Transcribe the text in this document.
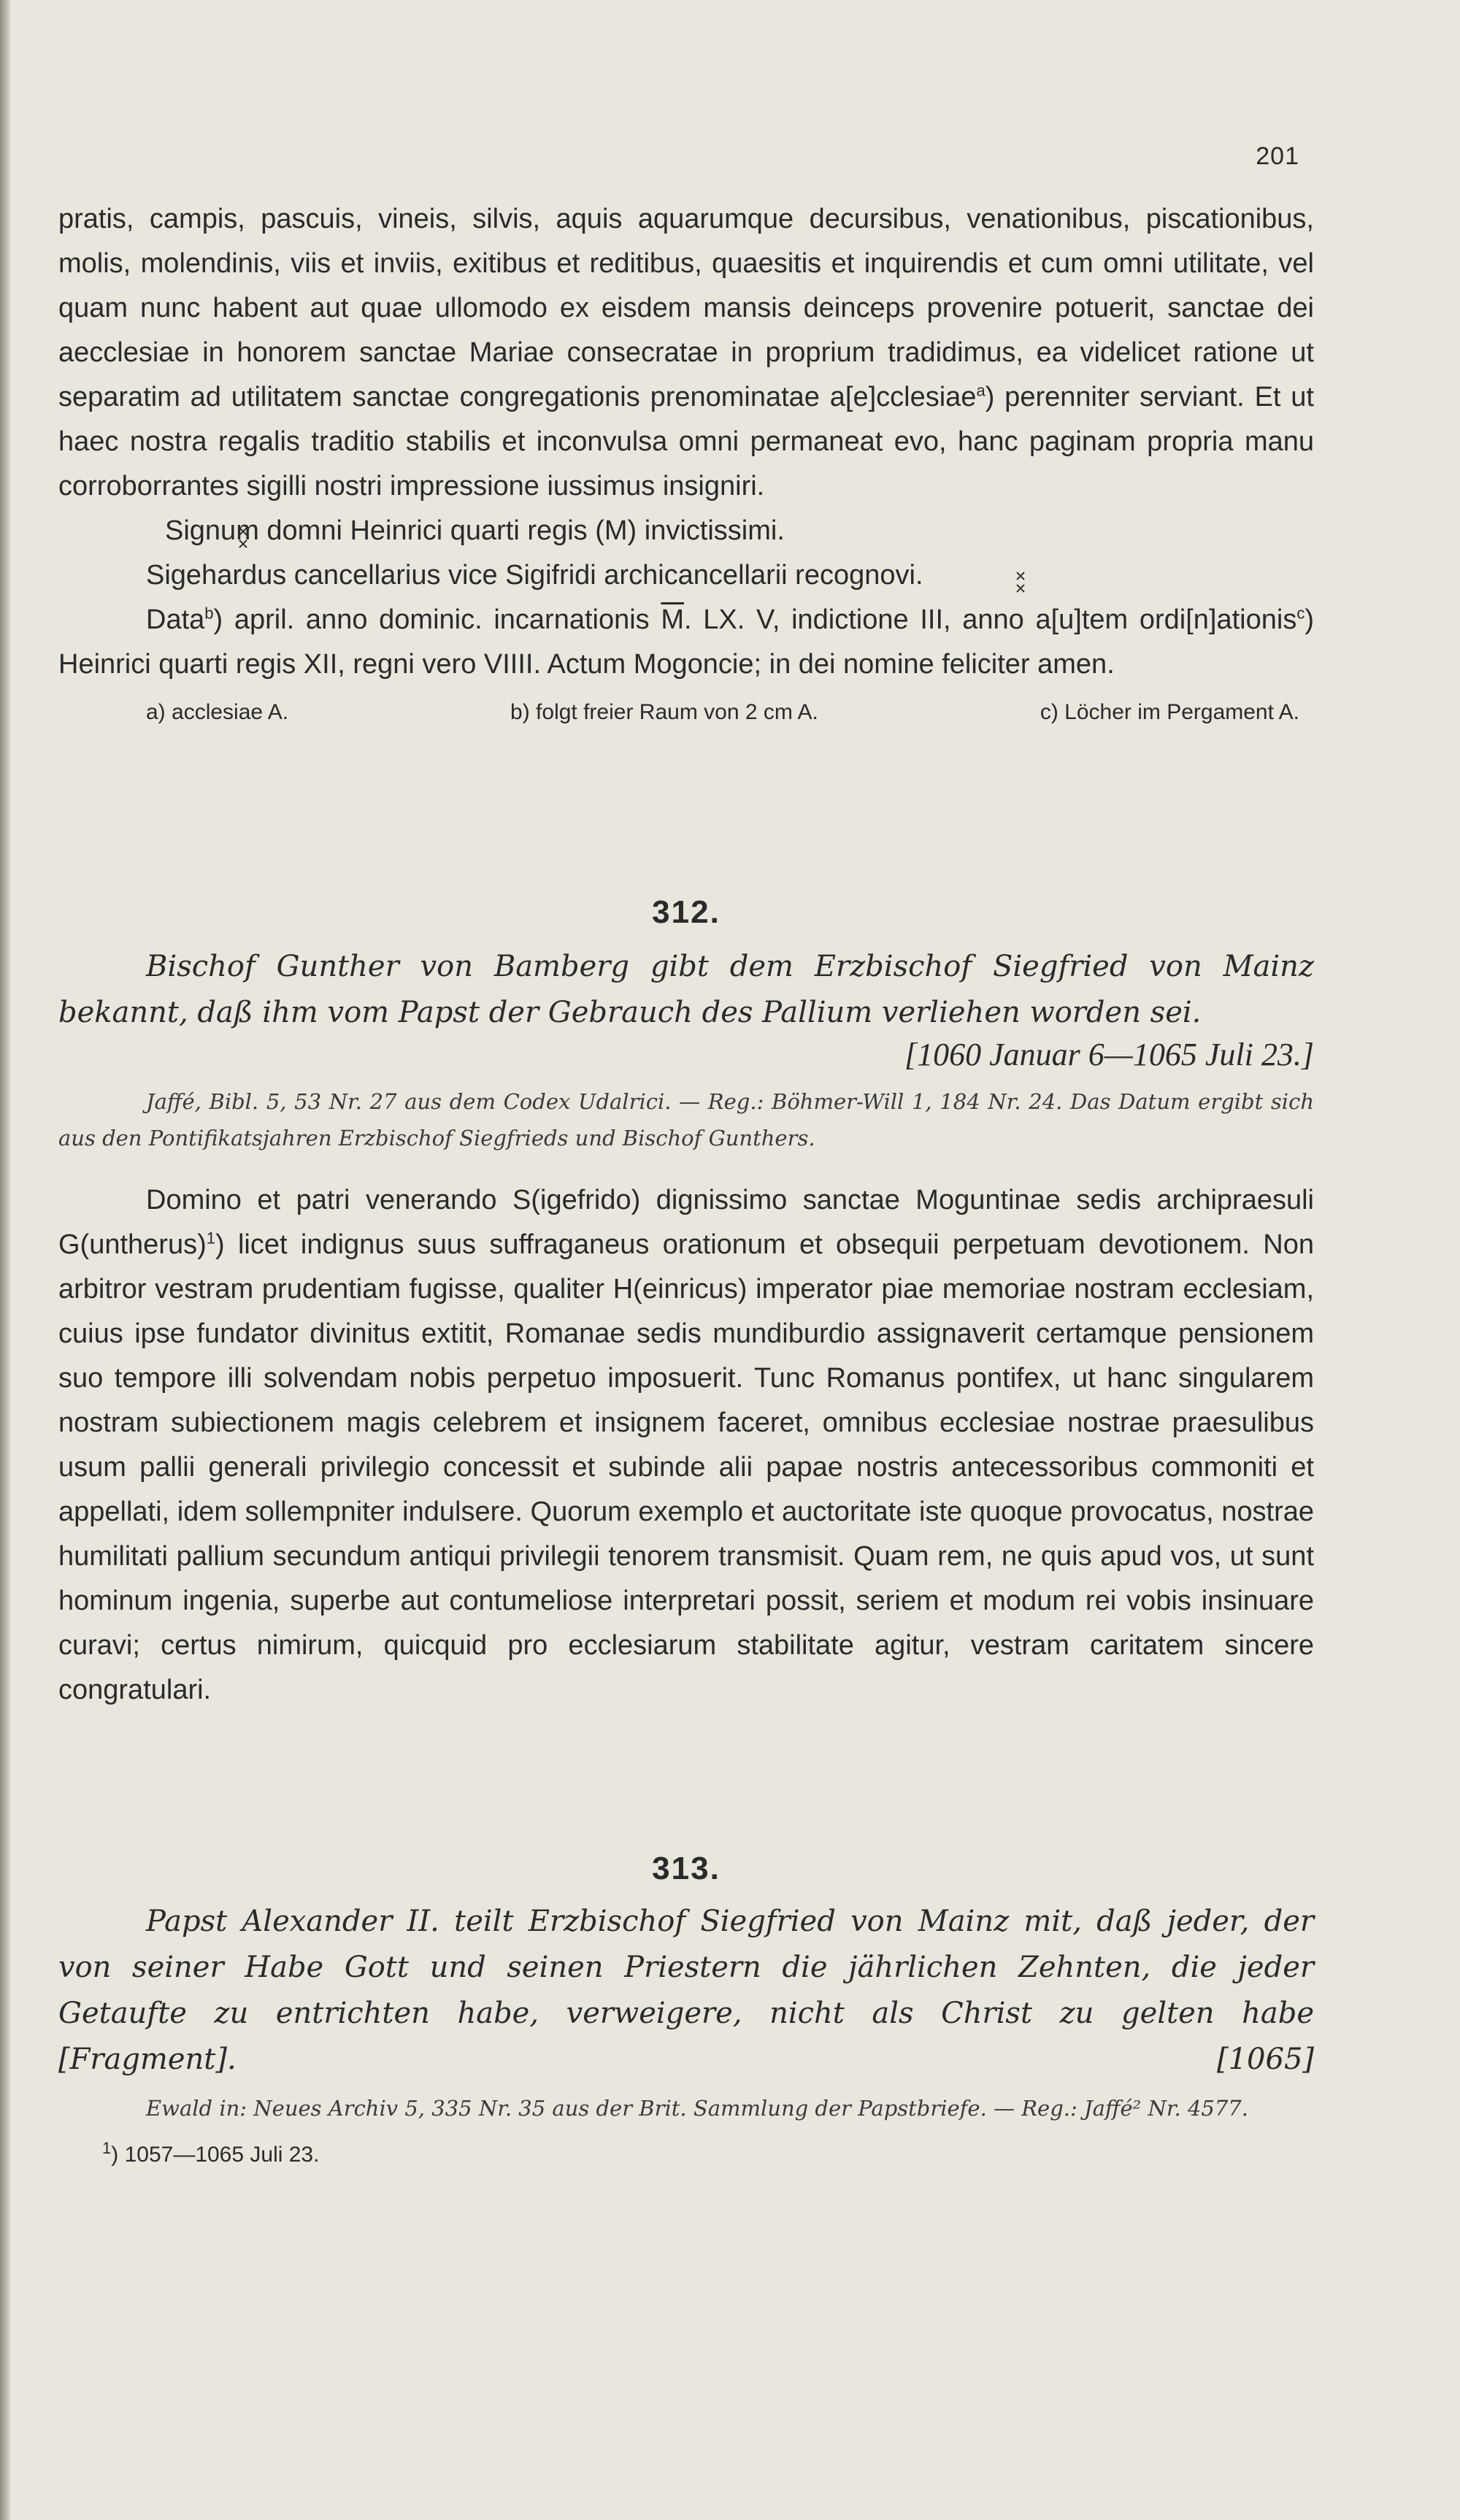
201

pratis, campis, pascuis, vineis, silvis, aquis aquarumque decursibus, venationibus, piscationibus, molis, molendinis, viis et inviis, exitibus et reditibus, quaesitis et inquirendis et cum omni utilitate, vel quam nunc habent aut quae ullomodo ex eisdem mansis deinceps provenire potuerit, sanctae dei aecclesiae in honorem sanctae Mariae consecratae in proprium tradidimus, ea videlicet ratione ut separatim ad utilitatem sanctae congregationis prenominatae a[e]cclesiae$^a$) perenniter serviant. Et ut haec nostra regalis traditio stabilis et inconvulsa omni permaneat evo, hanc paginam propria manu corroborrantes sigilli nostri impressione iussimus insigniri.

Signum domni Heinrici quarti regis (M) invictissimi.

Sigehardus cancellarius vice Sigifridi archicancellarii recognovi.

Data$^b$) april. anno dominic. incarnationis $\overline{M}$. LX. V, indictione III, anno a[u]tem ordi[n]ationis$^c$) Heinrici quarti regis XII, regni vero VIIII. Actum Mogoncie; in dei nomine feliciter amen.

a) acclesiae A.	b) folgt freier Raum von 2 cm A.	c) Löcher im Pergament A.
312.

Bischof Gunther von Bamberg gibt dem Erzbischof Siegfried von Mainz bekannt, daß ihm vom Papst der Gebrauch des Pallium verliehen worden sei.

[1060 Januar 6—1065 Juli 23.]

Jaffé, Bibl. 5, 53 Nr. 27 aus dem Codex Udalrici. — Reg.: Böhmer-Will 1, 184 Nr. 24. Das Datum ergibt sich aus den Pontifikatsjahren Erzbischof Siegfrieds und Bischof Gunthers.

Domino et patri venerando S(igefrido) dignissimo sanctae Moguntinae sedis archipraesuli G(untherus)$^1$) licet indignus suus suffraganeus orationum et obsequii perpetuam devotionem. Non arbitror vestram prudentiam fugisse, qualiter H(einricus) imperator piae memoriae nostram ecclesiam, cuius ipse fundator divinitus extitit, Romanae sedis mundiburdio assignaverit certamque pensionem suo tempore illi solvendam nobis perpetuo imposuerit. Tunc Romanus pontifex, ut hanc singularem nostram subiectionem magis celebrem et insignem faceret, omnibus ecclesiae nostrae praesulibus usum pallii generali privilegio concessit et subinde alii papae nostris antecessoribus commoniti et appellati, idem sollempniter indulsere. Quorum exemplo et auctoritate iste quoque provocatus, nostrae humilitati pallium secundum antiqui privilegii tenorem transmisit. Quam rem, ne quis apud vos, ut sunt hominum ingenia, superbe aut contumeliose interpretari possit, seriem et modum rei vobis insinuare curavi; certus nimirum, quicquid pro ecclesiarum stabilitate agitur, vestram caritatem sincere congratulari.

313.

Papst Alexander II. teilt Erzbischof Siegfried von Mainz mit, daß jeder, der von seiner Habe Gott und seinen Priestern die jährlichen Zehnten, die jeder Getaufte zu entrichten habe, verweigere, nicht als Christ zu gelten habe [Fragment].	[1065]

Ewald in: Neues Archiv 5, 335 Nr. 35 aus der Brit. Sammlung der Papstbriefe. — Reg.: Jaffé² Nr. 4577.

$^1$) 1057—1065 Juli 23.
